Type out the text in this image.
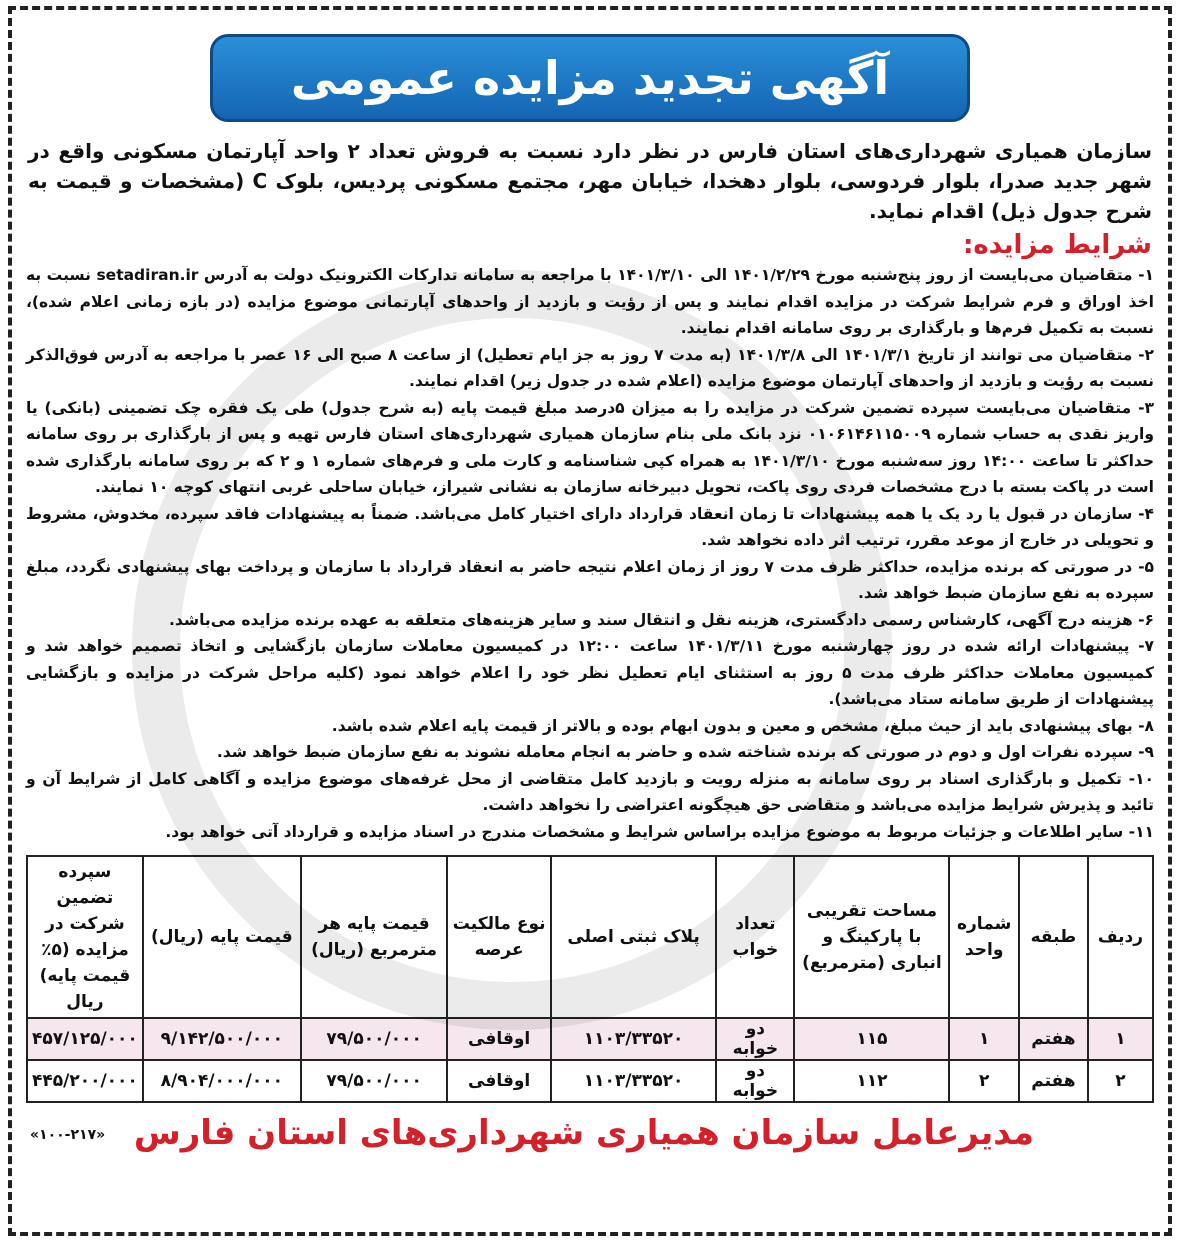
آگهی تجدید مزایده عمومی

سازمان همیاری شهرداری‌های استان فارس در نظر دارد نسبت به فروش تعداد ۲ واحد آپارتمان مسکونی واقع در شهر جدید صدرا، بلوار فردوسی، بلوار دهخدا، خیابان مهر، مجتمع مسکونی پردیس، بلوک C (مشخصات و قیمت به شرح جدول ذیل) اقدام نماید.

شرایط مزایده:

۱- متقاضیان می‌بایست از روز پنج‌شنبه مورخ ۱۴۰۱/۲/۲۹ الی ۱۴۰۱/۳/۱۰ با مراجعه به سامانه تدارکات الکترونیک دولت به آدرس setadiran.ir نسبت به اخذ اوراق و فرم شرایط شرکت در مزایده اقدام نمایند و پس از رؤیت و بازدید از واحدهای آپارتمانی موضوع مزایده (در بازه زمانی اعلام شده)، نسبت به تکمیل فرم‌ها و بارگذاری بر روی سامانه اقدام نمایند.

۲- متقاضیان می توانند از تاریخ ۱۴۰۱/۳/۱ الی ۱۴۰۱/۳/۸ (به مدت ۷ روز به جز ایام تعطیل) از ساعت ۸ صبح الی ۱۶ عصر با مراجعه به آدرس فوق‌الذکر نسبت به رؤیت و بازدید از واحدهای آپارتمان موضوع مزایده (اعلام شده در جدول زیر) اقدام نمایند.

۳- متقاضیان می‌بایست سپرده تضمین شرکت در مزایده را به میزان ۵درصد مبلغ قیمت پایه (به شرح جدول) طی یک فقره چک تضمینی (بانکی) یا واریز نقدی به حساب شماره ۰۱۰۶۱۴۶۱۱۵۰۰۹ نزد بانک ملی بنام سازمان همیاری شهرداری‌های استان فارس تهیه و پس از بارگذاری بر روی سامانه حداکثر تا ساعت ۱۴:۰۰ روز سه‌شنبه مورخ ۱۴۰۱/۳/۱۰ به همراه کپی شناسنامه و کارت ملی و فرم‌های شماره ۱ و ۲ که بر روی سامانه بارگذاری شده است در پاکت بسته با درج مشخصات فردی روی پاکت، تحویل دبیرخانه سازمان به نشانی شیراز، خیابان ساحلی غربی انتهای کوچه ۱۰ نمایند.

۴- سازمان در قبول یا رد یک یا همه پیشنهادات تا زمان انعقاد قرارداد دارای اختیار کامل می‌باشد. ضمناً به پیشنهادات فاقد سپرده، مخدوش، مشروط و تحویلی در خارج از موعد مقرر، ترتیب اثر داده نخواهد شد.

۵- در صورتی که برنده مزایده، حداکثر ظرف مدت ۷ روز از زمان اعلام نتیجه حاضر به انعقاد قرارداد با سازمان و پرداخت بهای پیشنهادی نگردد، مبلغ سپرده به نفع سازمان ضبط خواهد شد.

۶- هزینه درج آگهی، کارشناس رسمی دادگستری، هزینه نقل و انتقال سند و سایر هزینه‌های متعلقه به عهده برنده مزایده می‌باشد.

۷- پیشنهادات ارائه شده در روز چهارشنبه مورخ ۱۴۰۱/۳/۱۱ ساعت ۱۲:۰۰ در کمیسیون معاملات سازمان بازگشایی و اتخاذ تصمیم خواهد شد و کمیسیون معاملات حداکثر ظرف مدت ۵ روز به استثنای ایام تعطیل نظر خود را اعلام خواهد نمود (کلیه مراحل شرکت در مزایده و بازگشایی پیشنهادات از طریق سامانه ستاد می‌باشد).

۸- بهای پیشنهادی باید از حیث مبلغ، مشخص و معین و بدون ابهام بوده و بالاتر از قیمت پایه اعلام شده باشد.

۹- سپرده نفرات اول و دوم در صورتی که برنده شناخته شده و حاضر به انجام معامله نشوند به نفع سازمان ضبط خواهد شد.

۱۰- تکمیل و بارگذاری اسناد بر روی سامانه به منزله رویت و بازدید کامل متقاضی از محل غرفه‌های موضوع مزایده و آگاهی کامل از شرایط آن و تائید و پذیرش شرایط مزایده می‌باشد و متقاضی حق هیچگونه اعتراضی را نخواهد داشت.

۱۱- سایر اطلاعات و جزئیات مربوط به موضوع مزایده براساس شرایط و مشخصات مندرج در اسناد مزایده و قرارداد آتی خواهد بود.

ردیف	طبقه	شماره واحد	مساحت تقریبی با پارکینگ و انباری (مترمربع)	تعداد خواب	پلاک ثبتی اصلی	نوع مالکیت عرصه	قیمت پایه هر مترمربع (ریال)	قیمت پایه (ریال)	سپرده تضمین شرکت در مزایده (۵٪ قیمت پایه) ریال
۱	هفتم	۱	۱۱۵	دو خوابه	۱۱۰۳/۳۳۵۲۰	اوقافی	۷۹/۵۰۰/۰۰۰	۹/۱۴۲/۵۰۰/۰۰۰	۴۵۷/۱۲۵/۰۰۰
۲	هفتم	۲	۱۱۲	دو خوابه	۱۱۰۳/۳۳۵۲۰	اوقافی	۷۹/۵۰۰/۰۰۰	۸/۹۰۴/۰۰۰/۰۰۰	۴۴۵/۲۰۰/۰۰۰
مدیرعامل سازمان همیاری شهرداری‌های استان فارس
«۱۰۰-۲۱۷»
